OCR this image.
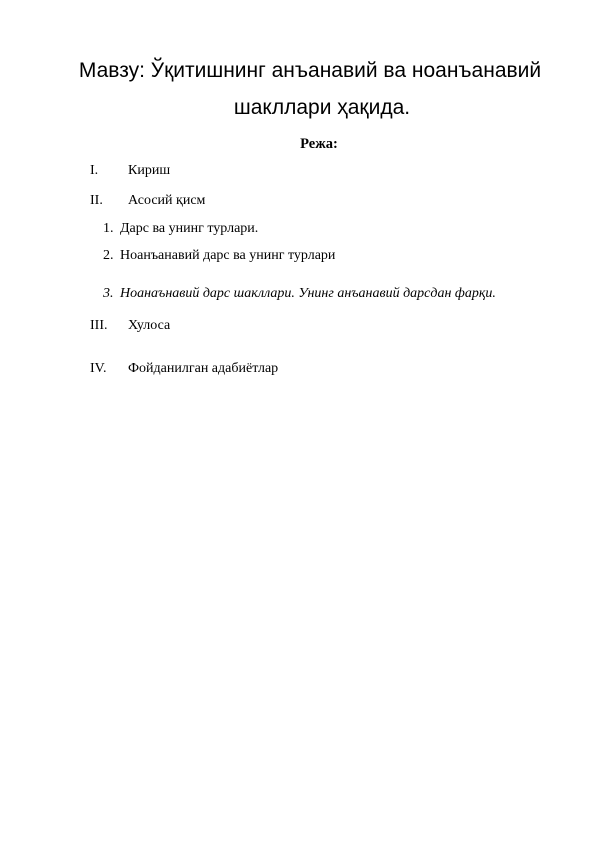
Мавзу: Ўқитишнинг анъанавий ва ноанъанавий
шакллари ҳақида.
Режа:
I. Кириш
II. Асосий қисм
1. Дарс ва унинг турлари.
2. Ноанъанавий дарс ва унинг турлари
3. Ноанаънавий дарс шакллари. Унинг анъанавий дарсдан фарқи.
III. Хулоса
IV. Фойданилган адабиётлар
